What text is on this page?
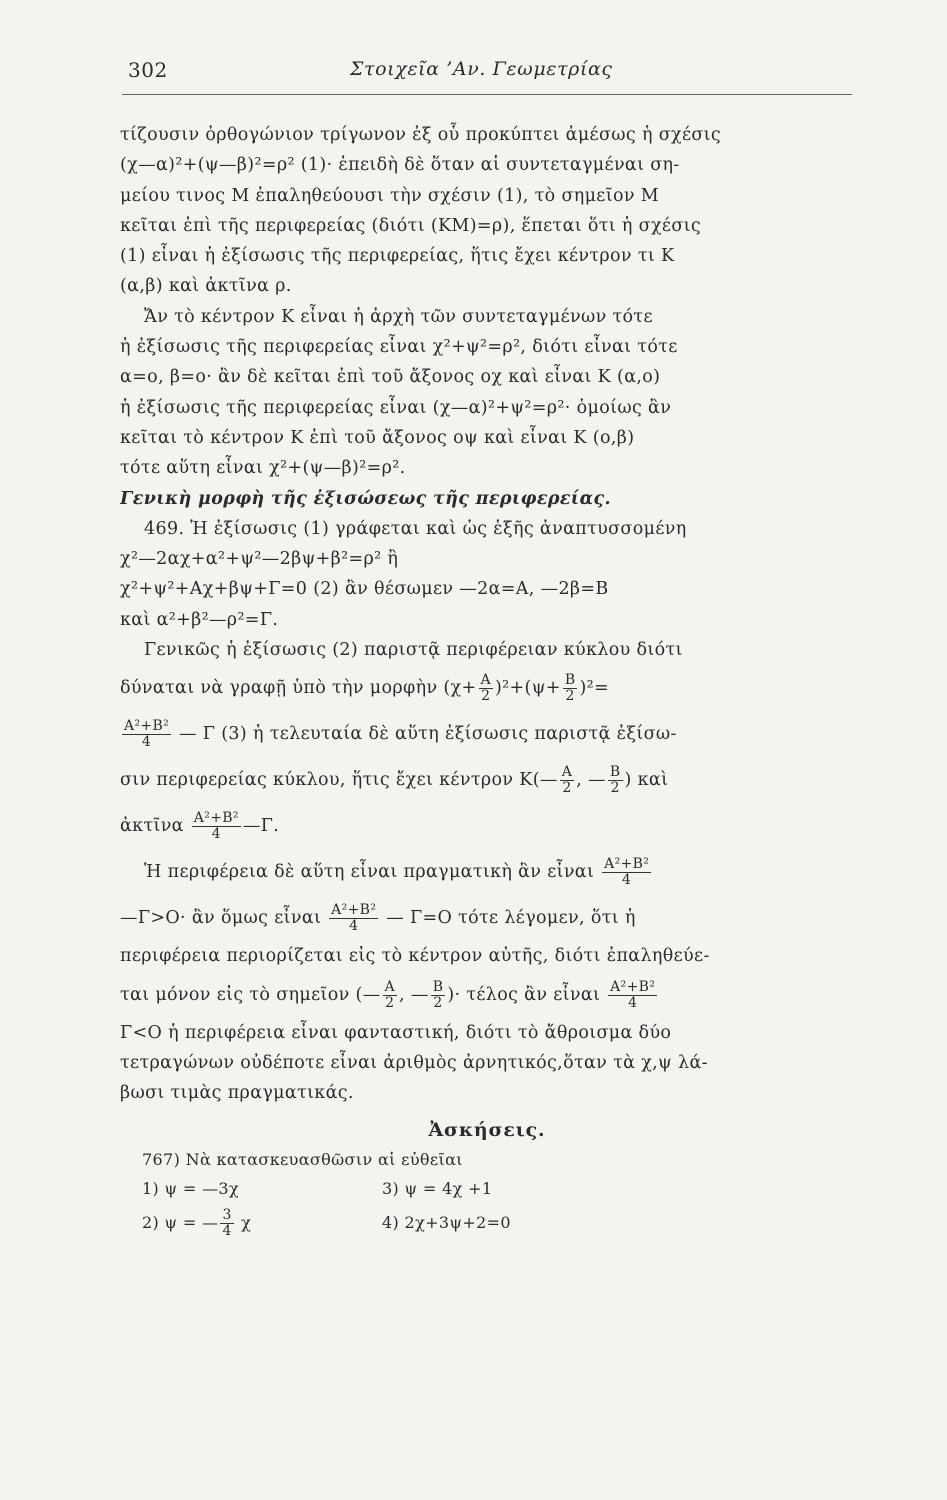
302	Στοιχεῖα ’Αν. Γεωμετρίας
τίζουσιν ὀρθογώνιον τρίγωνον ἐξ οὗ προκύπτει ἀμέσως ἡ σχέσις
(χ—α)²+(ψ—β)²=ρ² (1)· ἐπειδὴ δὲ ὅταν αἱ συντεταγμέναι ση-
μείου τινος Μ ἐπαληθεύουσι τὴν σχέσιν (1), τὸ σημεῖον Μ
κεῖται ἐπὶ τῆς περιφερείας (διότι (ΚΜ)=ρ), ἕπεται ὅτι ἡ σχέσις
(1) εἶναι ἡ ἐξίσωσις τῆς περιφερείας, ἥτις ἔχει κέντρον τι Κ
(α,β) καὶ ἀκτῖνα ρ.
Ἄν τὸ κέντρον Κ εἶναι ἡ ἀρχὴ τῶν συντεταγμένων τότε
ἡ ἐξίσωσις τῆς περιφερείας εἶναι χ²+ψ²=ρ², διότι εἶναι τότε
α=ο, β=ο· ἂν δὲ κεῖται ἐπὶ τοῦ ἄξονος οχ καὶ εἶναι Κ (α,ο)
ἡ ἐξίσωσις τῆς περιφερείας εἶναι (χ—α)²+ψ²=ρ²· ὁμοίως ἂν
κεῖται τὸ κέντρον Κ ἐπὶ τοῦ ἄξονος οψ καὶ εἶναι Κ (ο,β)
τότε αὕτη εἶναι χ²+(ψ—β)²=ρ².
Γενικὴ μορφὴ τῆς ἐξισώσεως τῆς περιφερείας.
469. Ἡ ἐξίσωσις (1) γράφεται καὶ ὡς ἑξῆς ἀναπτυσσομένη
χ²—2αχ+α²+ψ²—2βψ+β²=ρ² ἢ
χ²+ψ²+Αχ+βψ+Γ=0 (2) ἂν θέσωμεν —2α=Α, —2β=Β
καὶ α²+β²—ρ²=Γ.
Γενικῶς ἡ ἐξίσωσις (2) παριστᾷ περιφέρειαν κύκλου διότι
δύναται νὰ γραφῇ ὑπὸ τὴν μορφὴν $(\chi+ \frac{A}{2} )^2+(\psi+ \frac{B}{2} )^2=$
$\frac{\text{Α²+Β²}}{4}$ — Γ (3) ἡ τελευταία δὲ αὕτη ἐξίσωσις παριστᾷ ἐξίσω-
σιν περιφερείας κύκλου, ἥτις ἔχει κέντρον Κ(— $\frac{A}{2}$ , — $\frac{B}{2}$ ) καὶ
ἀκτῖνα $\frac{\text{Α²+Β²}}{4}$ —Γ.
Ἡ περιφέρεια δὲ αὕτη εἶναι πραγματικὴ ἂν εἶναι $\frac{\text{Α²+Β²}}{4}$
—Γ>Ο· ἂν ὅμως εἶναι $\frac{\text{Α²+Β²}}{4}$ — Γ=Ο τότε λέγομεν, ὅτι ἡ
περιφέρεια περιορίζεται εἰς τὸ κέντρον αὐτῆς, διότι ἐπαληθεύε-
ται μόνον εἰς τὸ σημεῖον (— $\frac{A}{2}$ , — $\frac{B}{2}$ )· τέλος ἂν εἶναι $\frac{\text{Α²+Β²}}{4}$
Γ<Ο ἡ περιφέρεια εἶναι φανταστική, διότι τὸ ἄθροισμα δύο
τετραγώνων οὐδέποτε εἶναι ἀριθμὸς ἀρνητικός,ὅταν τὰ χ,ψ λά-
βωσι τιμὰς πραγματικάς.
Ἀσκήσεις.
767) Νὰ κατασκευασθῶσιν αἱ εὐθεῖαι
1) ψ = —3χ	3) ψ = 4χ +1
2) ψ = — $\frac{3}{4}$ χ	4) 2χ+3ψ+2=0
